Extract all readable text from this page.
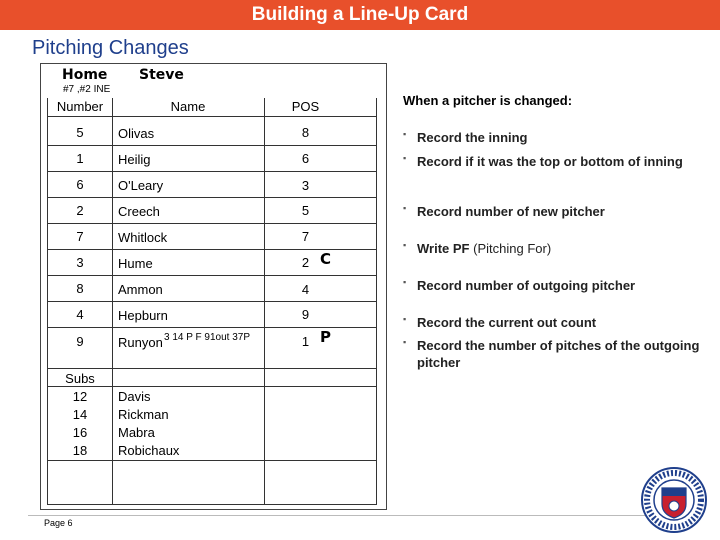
Building a Line-Up Card
Pitching Changes
Home Steve
#7 ,#2 INE
Number	Name	POS
5	Olivas	8
1	Heilig	6
6	O'Leary	3
2	Creech	5
7	Whitlock	7
3	Hume	2
8	Ammon	4
4	Hepburn	9
9	Runyon 3 14 P F 91out 37P	1
Subs
12	Davis
14	Rickman
16	Mabra
18	Robichaux
C
P
When a pitcher is changed:
▪ Record the inning
▪ Record if it was the top or bottom of inning
▪ Record number of new pitcher
▪ Write PF (Pitching For)
▪ Record number of outgoing pitcher
▪ Record the current out count
▪ Record the number of pitches of the outgoing pitcher
Page 6
